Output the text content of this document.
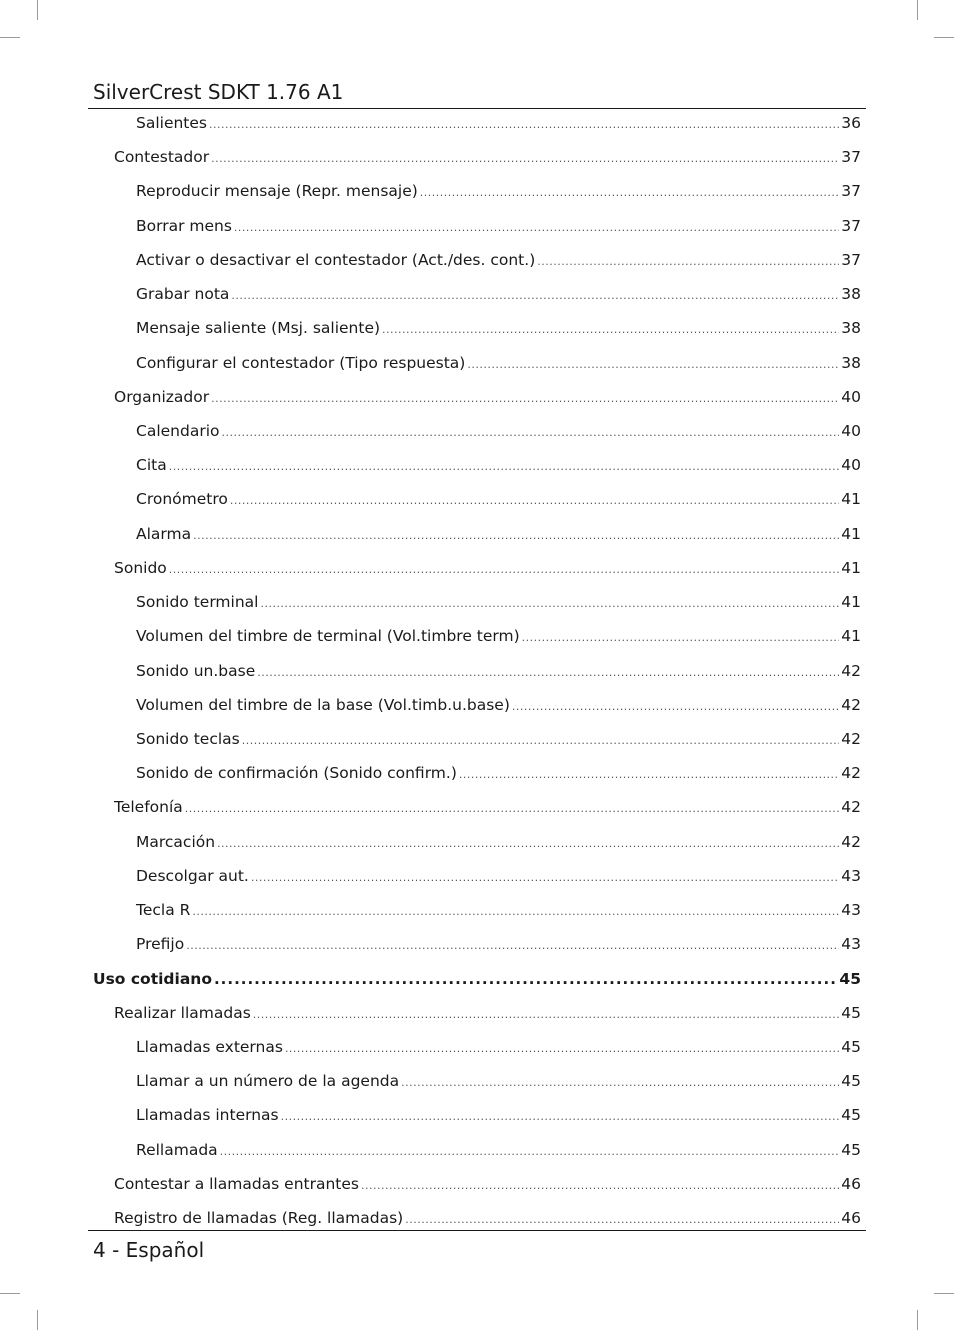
SilverCrest SDKT 1.76 A1
Salientes .....	36
Contestador .....	37
Reproducir mensaje (Repr. mensaje) .....	37
Borrar mens .....	37
Activar o desactivar el contestador (Act./des. cont.) .....	37
Grabar nota .....	38
Mensaje saliente (Msj. saliente) .....	38
Configurar el contestador (Tipo respuesta) .....	38
Organizador .....	40
Calendario .....	40
Cita .....	40
Cronómetro .....	41
Alarma .....	41
Sonido .....	41
Sonido terminal .....	41
Volumen del timbre de terminal (Vol.timbre term) .....	41
Sonido un.base .....	42
Volumen del timbre de la base (Vol.timb.u.base) .....	42
Sonido teclas .....	42
Sonido de confirmación (Sonido confirm.) .....	42
Telefonía .....	42
Marcación .....	42
Descolgar aut. .....	43
Tecla R .....	43
Prefijo .....	43
Uso cotidiano .....	45
Realizar llamadas .....	45
Llamadas externas .....	45
Llamar a un número de la agenda .....	45
Llamadas internas .....	45
Rellamada .....	45
Contestar a llamadas entrantes .....	46
Registro de llamadas (Reg. llamadas) .....	46
4 - Español
